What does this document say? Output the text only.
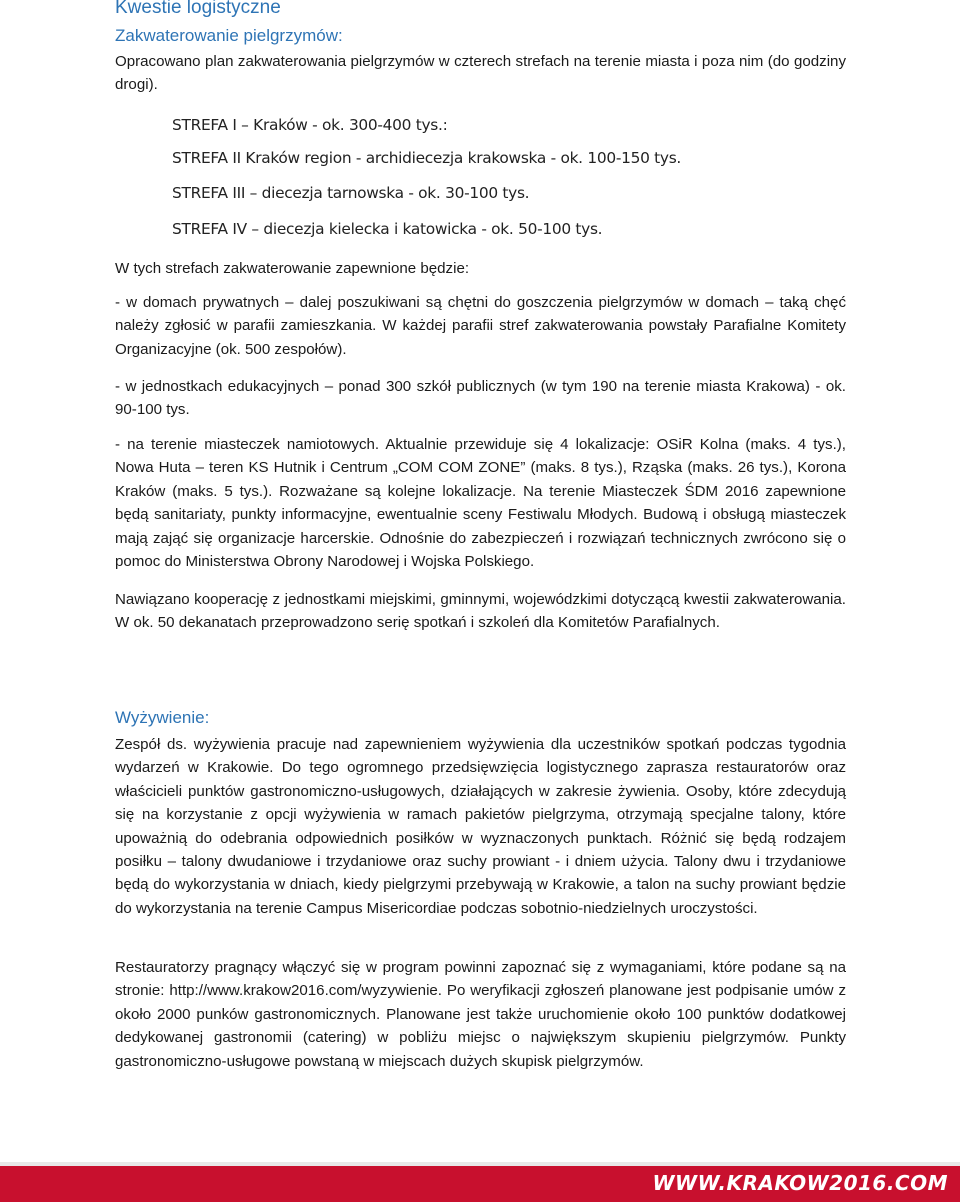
Kwestie logistyczne
Zakwaterowanie pielgrzymów:
Opracowano plan zakwaterowania pielgrzymów w czterech strefach na terenie miasta i poza nim (do godziny drogi).
STREFA I – Kraków - ok. 300-400 tys.:
STREFA II Kraków region - archidiecezja krakowska - ok. 100-150 tys.
STREFA III – diecezja tarnowska - ok. 30-100 tys.
STREFA IV – diecezja kielecka i katowicka - ok. 50-100 tys.
W tych strefach zakwaterowanie zapewnione będzie:
- w domach prywatnych – dalej poszukiwani są chętni do goszczenia pielgrzymów w domach – taką chęć należy zgłosić w parafii zamieszkania. W każdej parafii stref zakwaterowania powstały Parafialne Komitety Organizacyjne (ok. 500 zespołów).
- w jednostkach edukacyjnych – ponad 300 szkół publicznych (w tym 190 na terenie miasta Krakowa) - ok. 90-100 tys.
- na terenie miasteczek namiotowych. Aktualnie przewiduje się 4 lokalizacje: OSiR Kolna (maks. 4 tys.), Nowa Huta – teren KS Hutnik i Centrum „COM COM ZONE” (maks. 8 tys.), Rząska (maks. 26 tys.), Korona Kraków (maks. 5 tys.). Rozważane są kolejne lokalizacje. Na terenie Miasteczek ŚDM 2016 zapewnione będą sanitariaty, punkty informacyjne, ewentualnie sceny Festiwalu Młodych. Budową i obsługą miasteczek mają zająć się organizacje harcerskie. Odnośnie do zabezpieczeń i rozwiązań technicznych zwrócono się o pomoc do Ministerstwa Obrony Narodowej i Wojska Polskiego.
Nawiązano kooperację z jednostkami miejskimi, gminnymi, wojewódzkimi dotyczącą kwestii zakwaterowania. W ok. 50 dekanatach przeprowadzono serię spotkań i szkoleń dla Komitetów Parafialnych.
Wyżywienie:
Zespół ds. wyżywienia pracuje nad zapewnieniem wyżywienia dla uczestników spotkań podczas tygodnia wydarzeń w Krakowie. Do tego ogromnego przedsięwzięcia logistycznego zaprasza restauratorów oraz właścicieli punktów gastronomiczno-usługowych, działających w zakresie żywienia. Osoby, które zdecydują się na korzystanie z opcji wyżywienia w ramach pakietów pielgrzyma, otrzymają specjalne talony, które upoważnią do odebrania odpowiednich posiłków w wyznaczonych punktach. Różnić się będą rodzajem posiłku – talony dwudaniowe i trzydaniowe oraz suchy prowiant - i dniem użycia. Talony dwu i trzydaniowe będą do wykorzystania w dniach, kiedy pielgrzymi przebywają w Krakowie, a talon na suchy prowiant będzie do wykorzystania na terenie Campus Misericordiae podczas sobotnio-niedzielnych uroczystości.
Restauratorzy pragnący włączyć się w program powinni zapoznać się z wymaganiami, które podane są na stronie: http://www.krakow2016.com/wyzywienie. Po weryfikacji zgłoszeń planowane jest podpisanie umów z około 2000 punków gastronomicznych. Planowane jest także uruchomienie około 100 punktów dodatkowej dedykowanej gastronomii (catering) w pobliżu miejsc o największym skupieniu pielgrzymów. Punkty gastronomiczno-usługowe powstaną w miejscach dużych skupisk pielgrzymów.
WWW.KRAKOW2016.COM
